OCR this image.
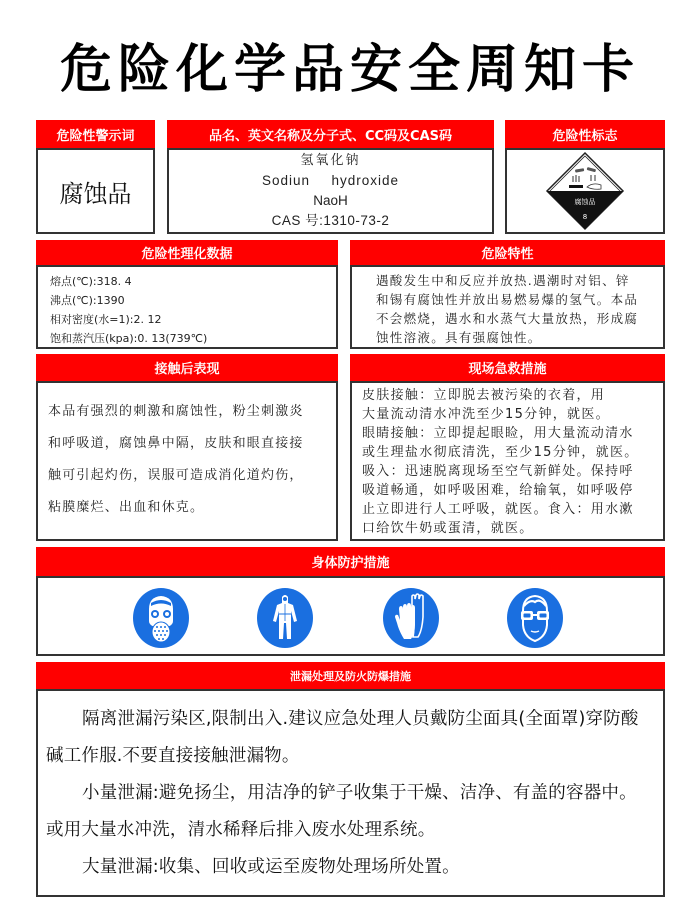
危险化学品安全周知卡
危险性警示词
腐蚀品
品名、英文名称及分子式、CC码及CAS码
氢氧化钠
Sodiun  hydroxide
NaoH
CAS 号:1310-73-2
危险性标志
腐蚀品
8
危险性理化数据
熔点(℃):318. 4
沸点(℃):1390
相对密度(水=1):2. 12
饱和蒸汽压(kpa):0. 13(739℃)
危险特性
遇酸发生中和反应并放热.遇潮时对铝、锌
和锡有腐蚀性并放出易燃易爆的氢气。本品
不会燃烧，遇水和水蒸气大量放热，形成腐
蚀性溶液。具有强腐蚀性。
接触后表现
本品有强烈的刺激和腐蚀性，粉尘刺激炎
和呼吸道，腐蚀鼻中隔，皮肤和眼直接接
触可引起灼伤，误服可造成消化道灼伤，
粘膜糜烂、出血和休克。
现场急救措施
皮肤接触：立即脱去被污染的衣着，用
大量流动清水冲洗至少15分钟，就医。
眼睛接触：立即提起眼睑，用大量流动清水
或生理盐水彻底清洗，至少15分钟，就医。
吸入：迅速脱离现场至空气新鲜处。保持呼
吸道畅通，如呼吸困难，给输氧，如呼吸停
止立即进行人工呼吸，就医。食入：用水漱
口给饮牛奶或蛋清，就医。
身体防护措施
泄漏处理及防火防爆措施

隔离泄漏污染区,限制出入.建议应急处理人员戴防尘面具(全面罩)穿防酸碱工作服.不要直接接触泄漏物。

小量泄漏:避免扬尘，用洁净的铲子收集于干燥、洁净、有盖的容器中。或用大量水冲洗，清水稀释后排入废水处理系统。

大量泄漏:收集、回收或运至废物处理场所处置。
